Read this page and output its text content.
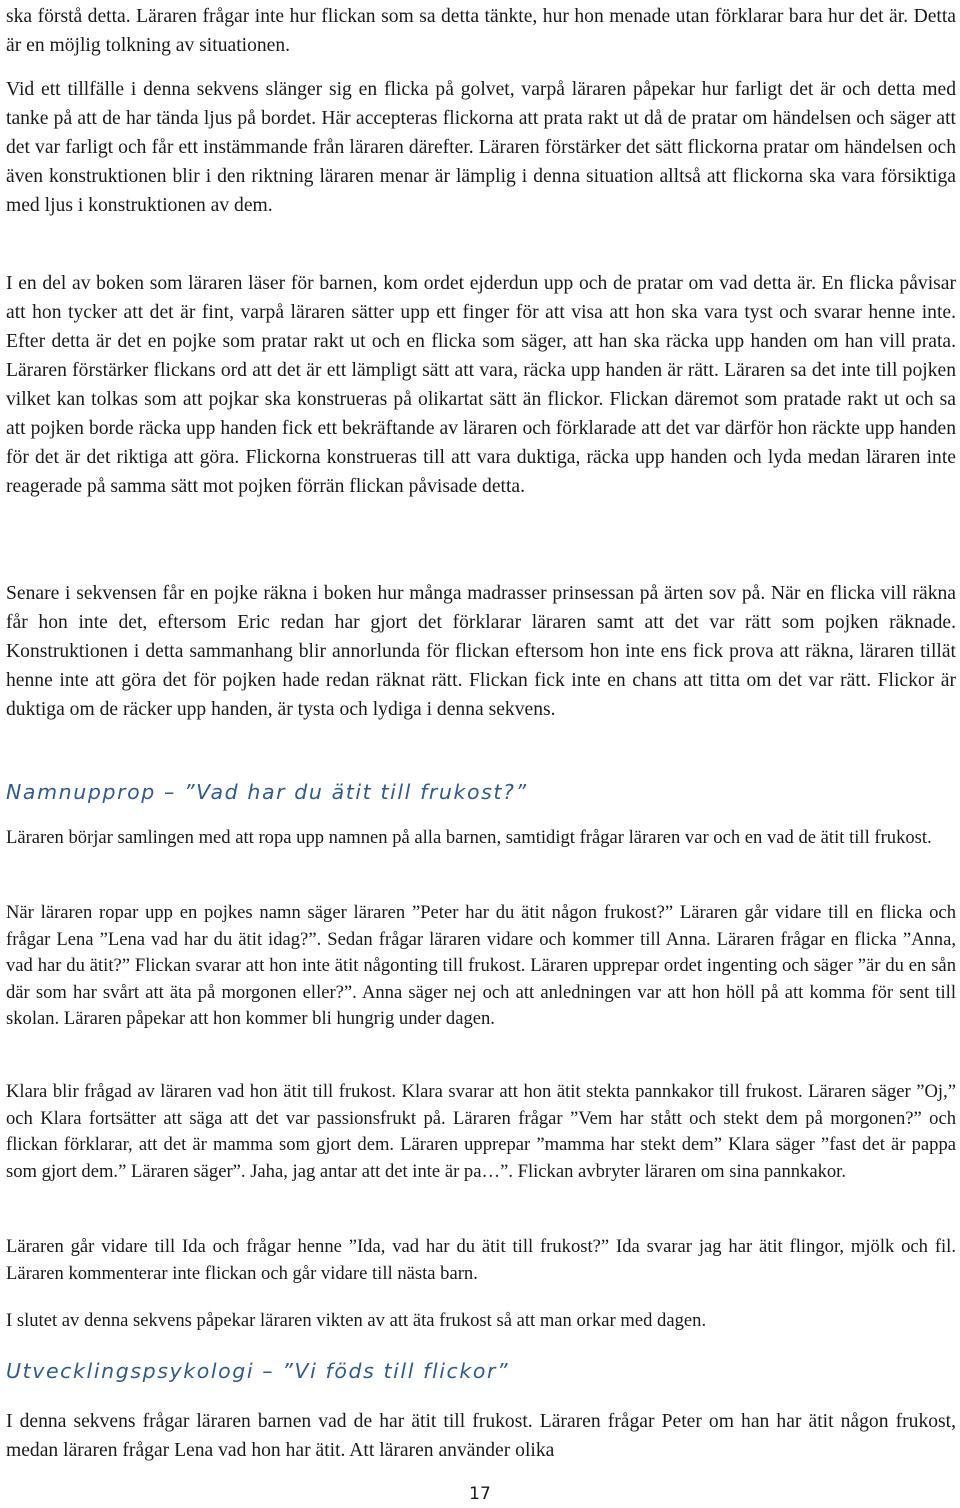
ska förstå detta. Läraren frågar inte hur flickan som sa detta tänkte, hur hon menade utan förklarar bara hur det är. Detta är en möjlig tolkning av situationen.

Vid ett tillfälle i denna sekvens slänger sig en flicka på golvet, varpå läraren påpekar hur farligt det är och detta med tanke på att de har tända ljus på bordet. Här accepteras flickorna att prata rakt ut då de pratar om händelsen och säger att det var farligt och får ett instämmande från läraren därefter. Läraren förstärker det sätt flickorna pratar om händelsen och även konstruktionen blir i den riktning läraren menar är lämplig i denna situation alltså att flickorna ska vara försiktiga med ljus i konstruktionen av dem.

I en del av boken som läraren läser för barnen, kom ordet ejderdun upp och de pratar om vad detta är. En flicka påvisar att hon tycker att det är fint, varpå läraren sätter upp ett finger för att visa att hon ska vara tyst och svarar henne inte. Efter detta är det en pojke som pratar rakt ut och en flicka som säger, att han ska räcka upp handen om han vill prata. Läraren förstärker flickans ord att det är ett lämpligt sätt att vara, räcka upp handen är rätt. Läraren sa det inte till pojken vilket kan tolkas som att pojkar ska konstrueras på olikartat sätt än flickor. Flickan däremot som pratade rakt ut och sa att pojken borde räcka upp handen fick ett bekräftande av läraren och förklarade att det var därför hon räckte upp handen för det är det riktiga att göra. Flickorna konstrueras till att vara duktiga, räcka upp handen och lyda medan läraren inte reagerade på samma sätt mot pojken förrän flickan påvisade detta.

Senare i sekvensen får en pojke räkna i boken hur många madrasser prinsessan på ärten sov på. När en flicka vill räkna får hon inte det, eftersom Eric redan har gjort det förklarar läraren samt att det var rätt som pojken räknade. Konstruktionen i detta sammanhang blir annorlunda för flickan eftersom hon inte ens fick prova att räkna, läraren tillät henne inte att göra det för pojken hade redan räknat rätt. Flickan fick inte en chans att titta om det var rätt. Flickor är duktiga om de räcker upp handen, är tysta och lydiga i denna sekvens.

Namnupprop – ”Vad har du ätit till frukost?”

Läraren börjar samlingen med att ropa upp namnen på alla barnen, samtidigt frågar läraren var och en vad de ätit till frukost.

När läraren ropar upp en pojkes namn säger läraren ”Peter har du ätit någon frukost?” Läraren går vidare till en flicka och frågar Lena ”Lena vad har du ätit idag?”. Sedan frågar läraren vidare och kommer till Anna. Läraren frågar en flicka ”Anna, vad har du ätit?” Flickan svarar att hon inte ätit någonting till frukost. Läraren upprepar ordet ingenting och säger ”är du en sån där som har svårt att äta på morgonen eller?”. Anna säger nej och att anledningen var att hon höll på att komma för sent till skolan. Läraren påpekar att hon kommer bli hungrig under dagen.

Klara blir frågad av läraren vad hon ätit till frukost. Klara svarar att hon ätit stekta pannkakor till frukost. Läraren säger ”Oj,” och Klara fortsätter att säga att det var passionsfrukt på. Läraren frågar ”Vem har stått och stekt dem på morgonen?” och flickan förklarar, att det är mamma som gjort dem. Läraren upprepar ”mamma har stekt dem” Klara säger ”fast det är pappa som gjort dem.” Läraren säger”. Jaha, jag antar att det inte är pa…”. Flickan avbryter läraren om sina pannkakor.

Läraren går vidare till Ida och frågar henne ”Ida, vad har du ätit till frukost?” Ida svarar jag har ätit flingor, mjölk och fil. Läraren kommenterar inte flickan och går vidare till nästa barn.

I slutet av denna sekvens påpekar läraren vikten av att äta frukost så att man orkar med dagen.

Utvecklingspsykologi – ”Vi föds till flickor”

I denna sekvens frågar läraren barnen vad de har ätit till frukost. Läraren frågar Peter om han har ätit någon frukost, medan läraren frågar Lena vad hon har ätit. Att läraren använder olika

17
